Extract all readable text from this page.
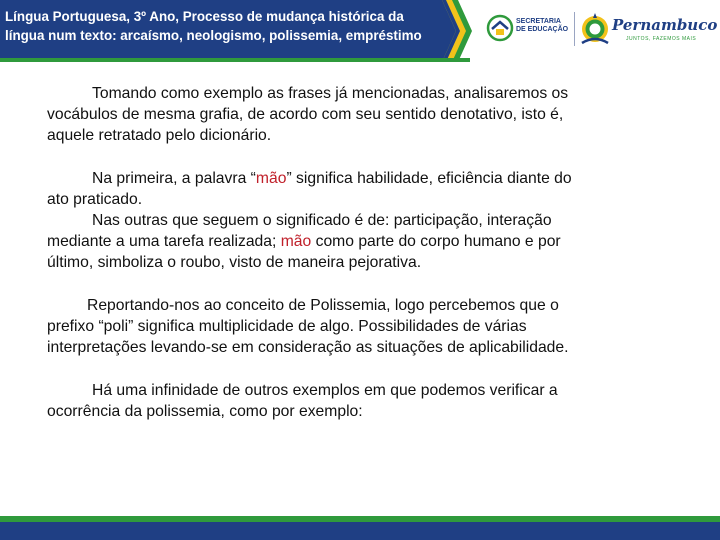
Língua Portuguesa, 3º Ano, Processo de mudança histórica da
língua num texto: arcaísmo, neologismo, polissemia, empréstimo
SECRETARIA
DE EDUCAÇÃO	Pernambuco
JUNTOS, FAZEMOS MAIS

Tomando como exemplo as frases já mencionadas, analisaremos os
vocábulos de mesma grafia, de acordo com seu sentido denotativo, isto é,
aquele retratado pelo dicionário.

Na primeira, a palavra “mão” significa habilidade, eficiência diante do
ato praticado.

Nas outras que seguem o significado é de: participação, interação
mediante a uma tarefa realizada; mão como parte do corpo humano e por
último, simboliza o roubo, visto de maneira pejorativa.

Reportando-nos ao conceito de Polissemia, logo percebemos que o
prefixo “poli” significa multiplicidade de algo. Possibilidades de várias
interpretações levando-se em consideração as situações de aplicabilidade.

Há uma infinidade de outros exemplos em que podemos verificar a
ocorrência da polissemia, como por exemplo:
